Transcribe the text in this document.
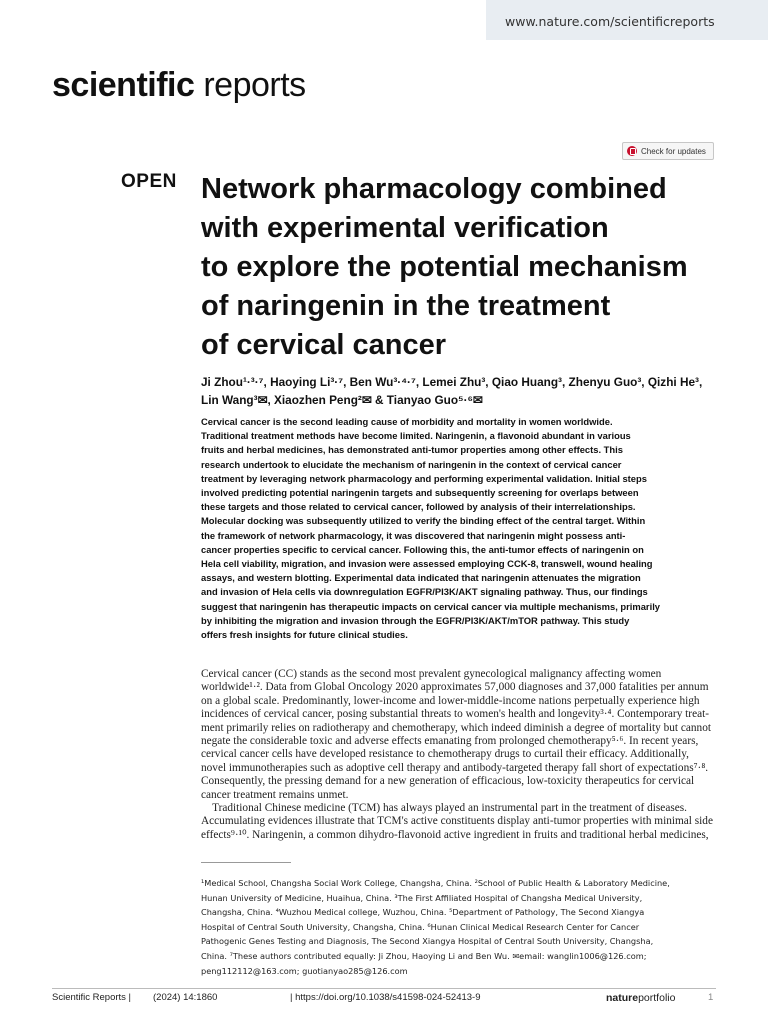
www.nature.com/scientificreports
scientific reports
Check for updates
OPEN Network pharmacology combined
with experimental verification
to explore the potential mechanism
of naringenin in the treatment
of cervical cancer
Ji Zhou¹·³·⁷, Haoying Li³·⁷, Ben Wu³·⁴·⁷, Lemei Zhu³, Qiao Huang³, Zhenyu Guo³, Qizhi He³,
Lin Wang³✉, Xiaozhen Peng²✉ & Tianyao Guo⁵·⁶✉
Cervical cancer is the second leading cause of morbidity and mortality in women worldwide.
Traditional treatment methods have become limited. Naringenin, a flavonoid abundant in various
fruits and herbal medicines, has demonstrated anti-tumor properties among other effects. This
research undertook to elucidate the mechanism of naringenin in the context of cervical cancer
treatment by leveraging network pharmacology and performing experimental validation. Initial steps
involved predicting potential naringenin targets and subsequently screening for overlaps between
these targets and those related to cervical cancer, followed by analysis of their interrelationships.
Molecular docking was subsequently utilized to verify the binding effect of the central target. Within
the framework of network pharmacology, it was discovered that naringenin might possess anti-
cancer properties specific to cervical cancer. Following this, the anti-tumor effects of naringenin on
Hela cell viability, migration, and invasion were assessed employing CCK-8, transwell, wound healing
assays, and western blotting. Experimental data indicated that naringenin attenuates the migration
and invasion of Hela cells via downregulation EGFR/PI3K/AKT signaling pathway. Thus, our findings
suggest that naringenin has therapeutic impacts on cervical cancer via multiple mechanisms, primarily
by inhibiting the migration and invasion through the EGFR/PI3K/AKT/mTOR pathway. This study
offers fresh insights for future clinical studies.
Cervical cancer (CC) stands as the second most prevalent gynecological malignancy affecting women
worldwide¹·². Data from Global Oncology 2020 approximates 57,000 diagnoses and 37,000 fatalities per annum
on a global scale. Predominantly, lower-income and lower-middle-income nations perpetually experience high
incidences of cervical cancer, posing substantial threats to women's health and longevity³·⁴. Contemporary treat-
ment primarily relies on radiotherapy and chemotherapy, which indeed diminish a degree of mortality but cannot
negate the considerable toxic and adverse effects emanating from prolonged chemotherapy⁵·⁶. In recent years,
cervical cancer cells have developed resistance to chemotherapy drugs to curtail their efficacy. Additionally,
novel immunotherapies such as adoptive cell therapy and antibody-targeted therapy fall short of expectations⁷·⁸.
Consequently, the pressing demand for a new generation of efficacious, low-toxicity therapeutics for cervical
cancer treatment remains unmet.
Traditional Chinese medicine (TCM) has always played an instrumental part in the treatment of diseases.
Accumulating evidences illustrate that TCM's active constituents display anti-tumor properties with minimal side
effects⁹·¹⁰. Naringenin, a common dihydro-flavonoid active ingredient in fruits and traditional herbal medicines,
¹Medical School, Changsha Social Work College, Changsha, China. ²School of Public Health & Laboratory Medicine,
Hunan University of Medicine, Huaihua, China. ³The First Affiliated Hospital of Changsha Medical University,
Changsha, China. ⁴Wuzhou Medical college, Wuzhou, China. ⁵Department of Pathology, The Second Xiangya
Hospital of Central South University, Changsha, China. ⁶Hunan Clinical Medical Research Center for Cancer
Pathogenic Genes Testing and Diagnosis, The Second Xiangya Hospital of Central South University, Changsha,
China. ⁷These authors contributed equally: Ji Zhou, Haoying Li and Ben Wu. ✉email: wanglin1006@126.com;
peng112112@163.com; guotianyao285@126.com
Scientific Reports | (2024) 14:1860	| https://doi.org/10.1038/s41598-024-52413-9	natureportfolio	1
